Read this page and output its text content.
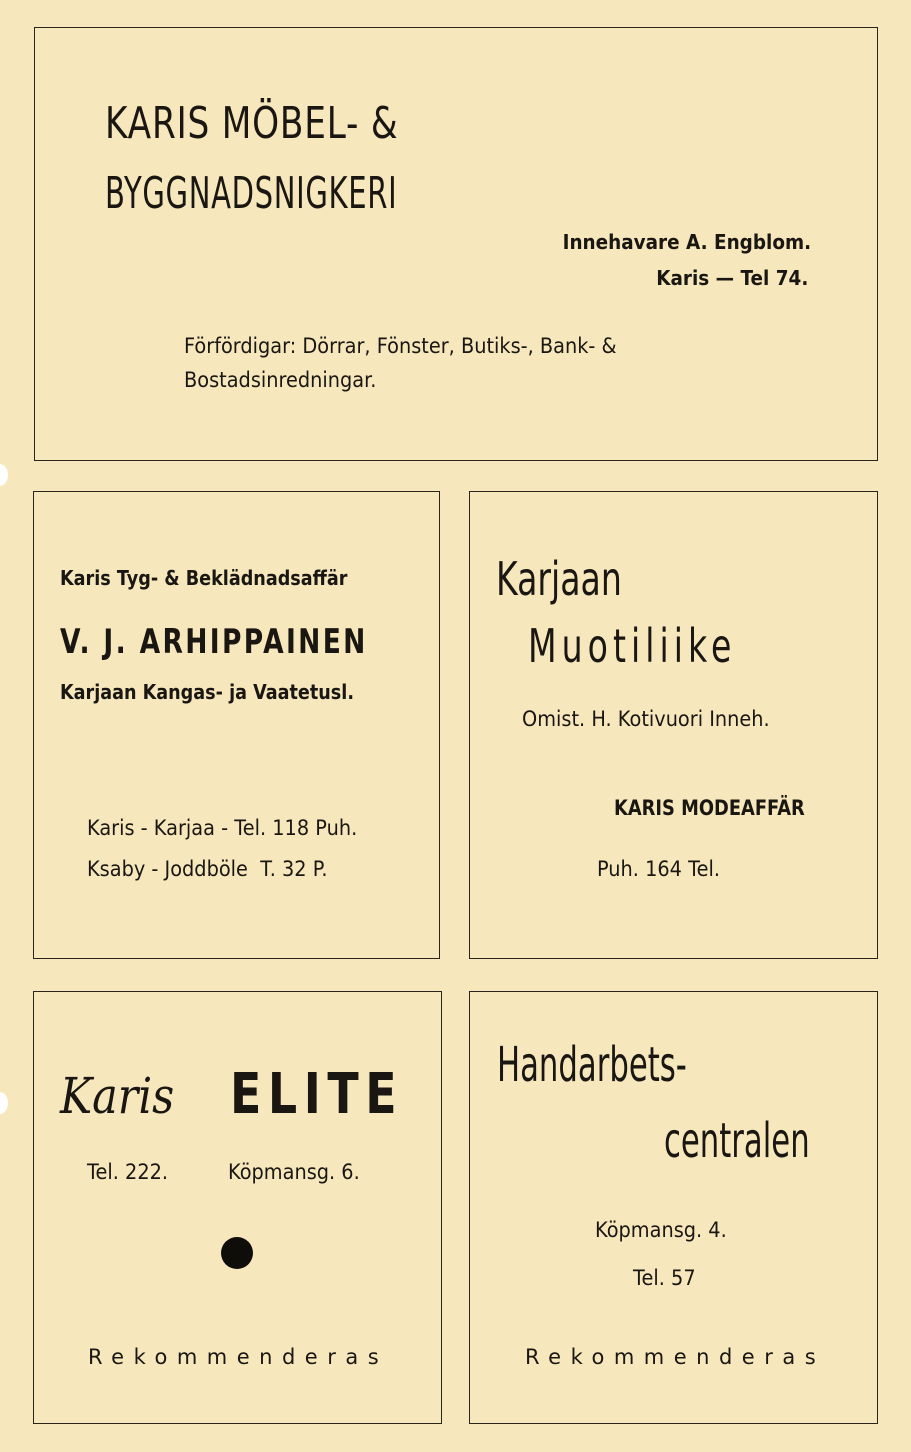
KARIS MÖBEL- &
BYGGNADSNIGKERI
Innehavare A. Engblom.
Karis — Tel 74.
Förfördigar: Dörrar, Fönster, Butiks-, Bank- &
Bostadsinredningar.
Karis Tyg- & Beklädnadsaffär
V. J. ARHIPPAINEN
Karjaan Kangas- ja Vaatetusl.
Karis - Karjaa - Tel. 118 Puh.
Ksaby - Joddböle  T. 32 P.
Karjaan
Muotiliike
Omist. H. Kotivuori Inneh.
KARIS MODEAFFÄR
Puh. 164 Tel.
Karis ELITE
Tel. 222.	Köpmansg. 6.
Rekommenderas
Handarbets-
centralen
Köpmansg. 4.
Tel. 57
Rekommenderas
